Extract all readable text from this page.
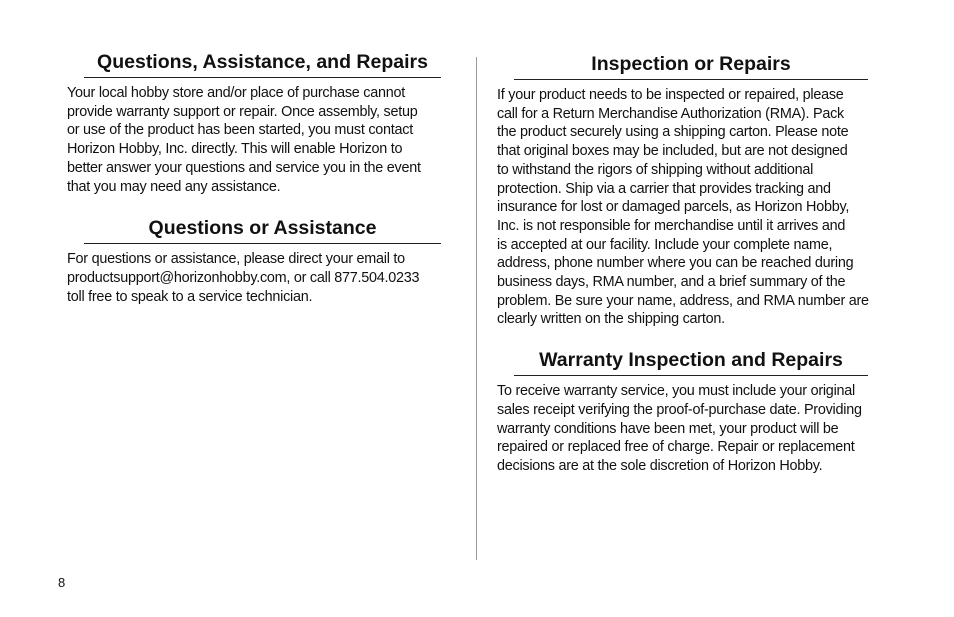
Questions, Assistance, and Repairs

Your local hobby store and/or place of purchase cannot
provide warranty support or repair. Once assembly, setup
or use of the product has been started, you must contact
Horizon Hobby, Inc. directly. This will enable Horizon to
better answer your questions and service you in the event
that you may need any assistance.

Questions or Assistance

For questions or assistance, please direct your email to
productsupport@horizonhobby.com, or call 877.504.0233
toll free to speak to a service technician.

Inspection or Repairs

If your product needs to be inspected or repaired, please
call for a Return Merchandise Authorization (RMA). Pack
the product securely using a shipping carton. Please note
that original boxes may be included, but are not designed
to withstand the rigors of shipping without additional
protection. Ship via a carrier that provides tracking and
insurance for lost or damaged parcels, as Horizon Hobby,
Inc. is not responsible for merchandise until it arrives and
is accepted at our facility. Include your complete name,
address, phone number where you can be reached during
business days, RMA number, and a brief summary of the
problem. Be sure your name, address, and RMA number are
clearly written on the shipping carton.

Warranty Inspection and Repairs

To receive warranty service, you must include your original
sales receipt verifying the proof-of-purchase date. Providing
warranty conditions have been met, your product will be
repaired or replaced free of charge. Repair or replacement
decisions are at the sole discretion of Horizon Hobby.

8
